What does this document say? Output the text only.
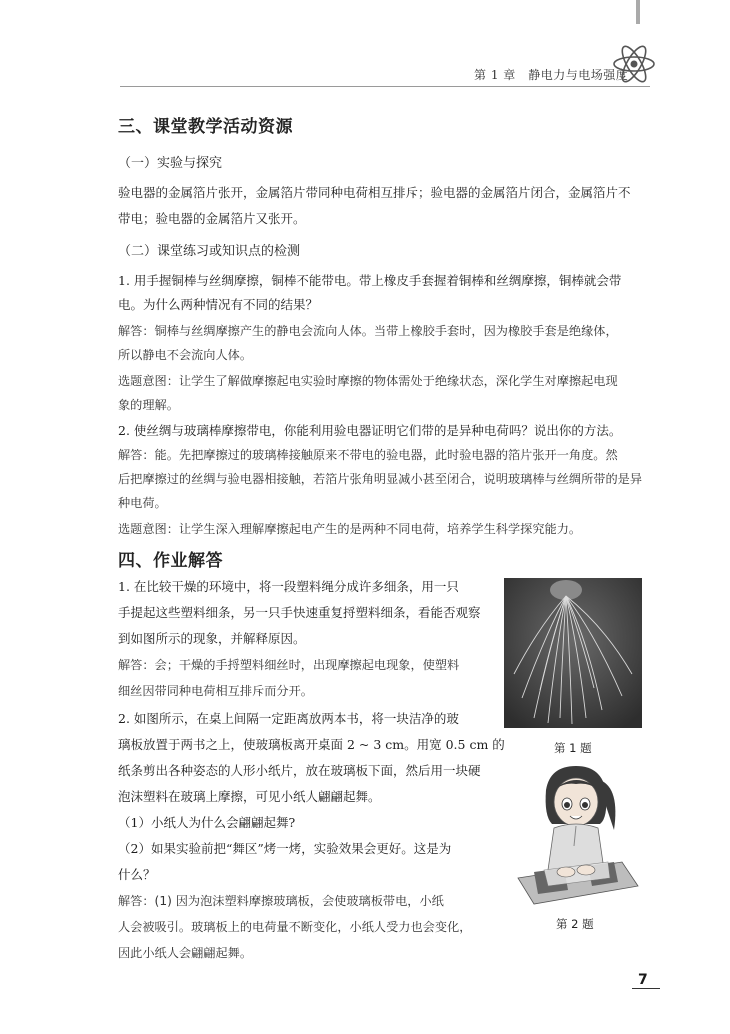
第 1 章　静电力与电场强度
三、课堂教学活动资源
（一）实验与探究
验电器的金属箔片张开，金属箔片带同种电荷相互排斥；验电器的金属箔片闭合，金属箔片不
带电；验电器的金属箔片又张开。
（二）课堂练习或知识点的检测
1. 用手握铜棒与丝绸摩擦，铜棒不能带电。带上橡皮手套握着铜棒和丝绸摩擦，铜棒就会带
电。为什么两种情况有不同的结果？
解答：铜棒与丝绸摩擦产生的静电会流向人体。当带上橡胶手套时，因为橡胶手套是绝缘体，
所以静电不会流向人体。
选题意图：让学生了解做摩擦起电实验时摩擦的物体需处于绝缘状态，深化学生对摩擦起电现
象的理解。
2. 使丝绸与玻璃棒摩擦带电，你能利用验电器证明它们带的是异种电荷吗？说出你的方法。
解答：能。先把摩擦过的玻璃棒接触原来不带电的验电器，此时验电器的箔片张开一角度。然
后把摩擦过的丝绸与验电器相接触，若箔片张角明显减小甚至闭合，说明玻璃棒与丝绸所带的是异
种电荷。
选题意图：让学生深入理解摩擦起电产生的是两种不同电荷，培养学生科学探究能力。
四、作业解答
1. 在比较干燥的环境中，将一段塑料绳分成许多细条，用一只
手提起这些塑料细条，另一只手快速重复捋塑料细条，看能否观察
到如图所示的现象，并解释原因。
解答：会；干燥的手捋塑料细丝时，出现摩擦起电现象，使塑料
细丝因带同种电荷相互排斥而分开。
2. 如图所示，在桌上间隔一定距离放两本书，将一块洁净的玻
璃板放置于两书之上，使玻璃板离开桌面 2 ~ 3 cm。用宽 0.5 cm 的
纸条剪出各种姿态的人形小纸片，放在玻璃板下面，然后用一块硬
泡沫塑料在玻璃上摩擦，可见小纸人翩翩起舞。
（1）小纸人为什么会翩翩起舞?
（2）如果实验前把“舞区”烤一烤，实验效果会更好。这是为
什么？
解答：(1) 因为泡沫塑料摩擦玻璃板，会使玻璃板带电，小纸
人会被吸引。玻璃板上的电荷量不断变化，小纸人受力也会变化，
因此小纸人会翩翩起舞。
第 1 题
第 2 题
7
